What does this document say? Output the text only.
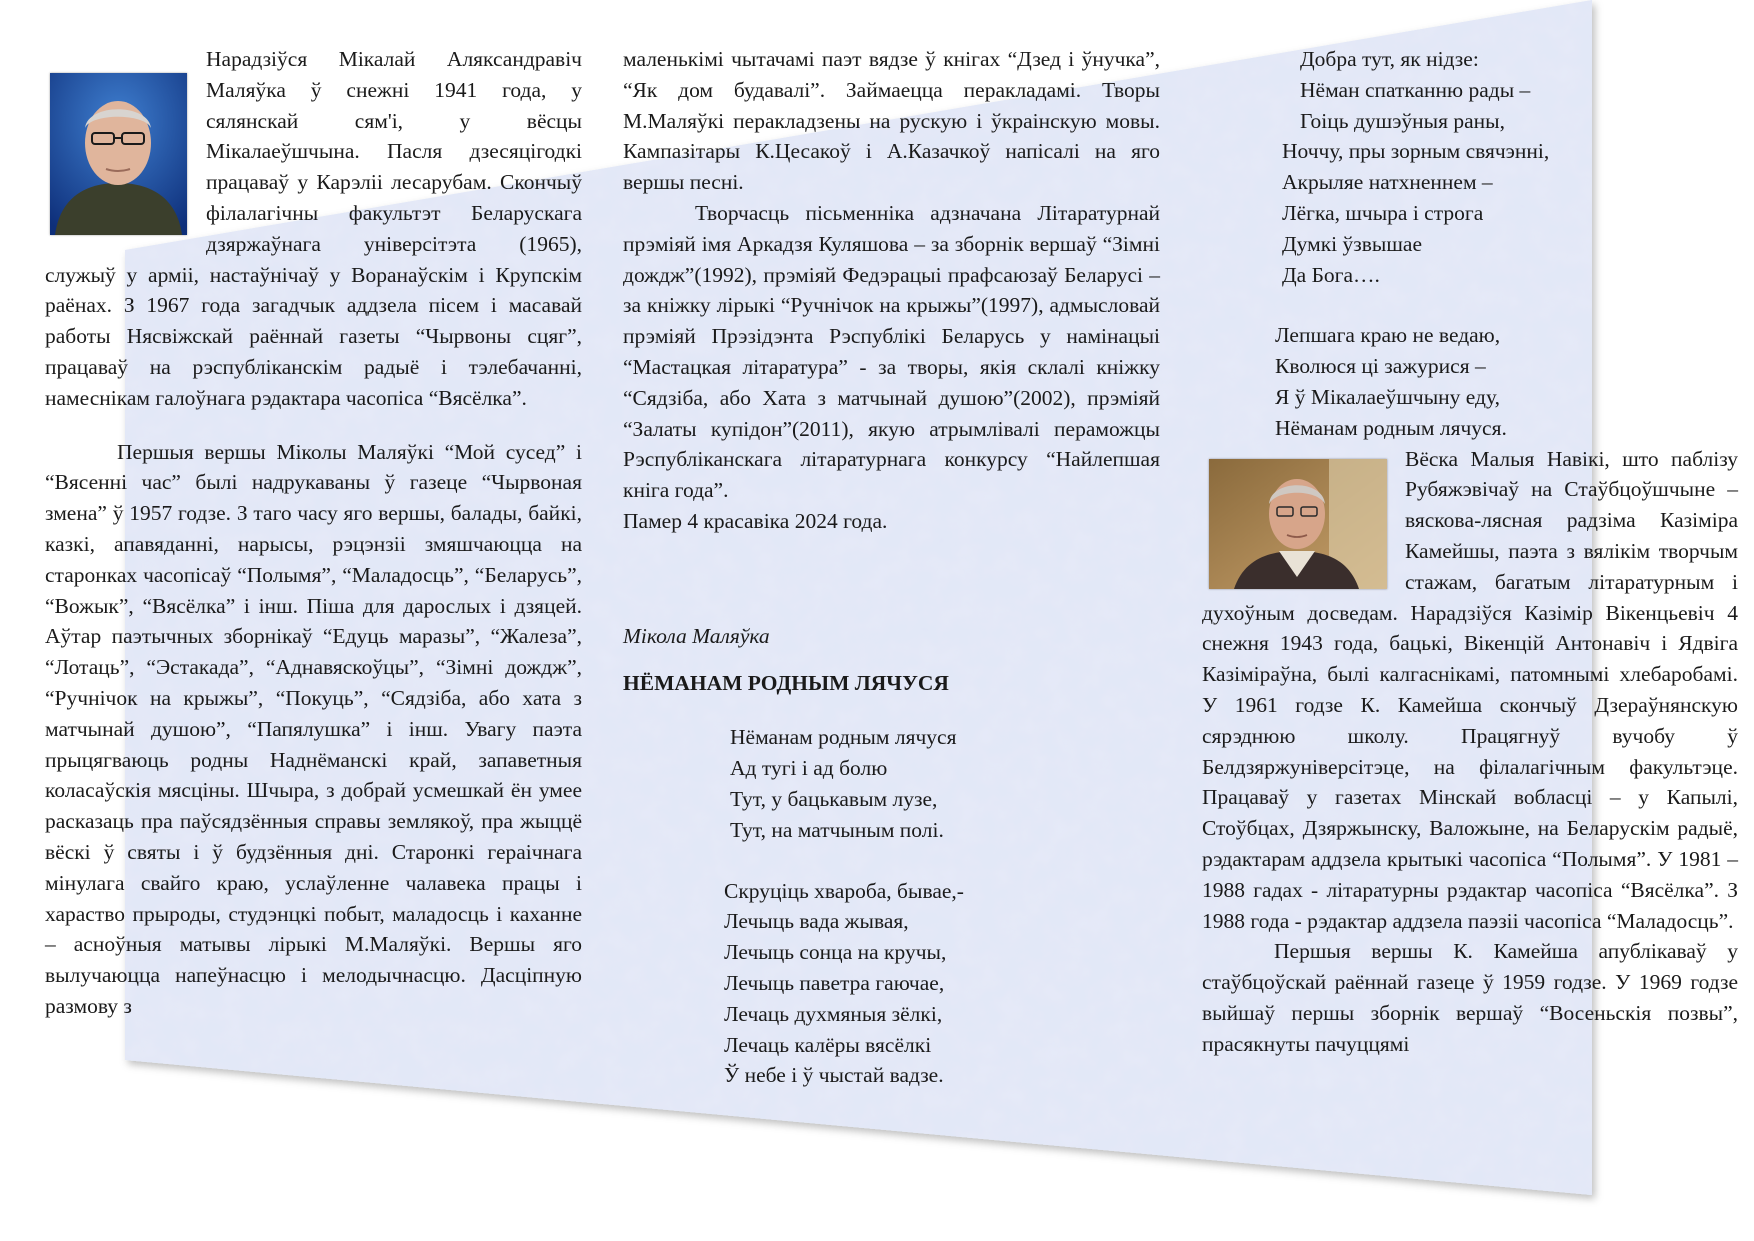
Нарадзіўся Мікалай Аляксандравіч Маляўка ў снежні 1941 года, у сялянскай сям'і, у вёсцы Мікалаеўшчына. Пасля дзесяцігодкі працаваў у Карэліі лесарубам. Скончыў філалагічны факультэт Беларускага дзяржаўнага універсітэта (1965), служыў у арміі, настаўнічаў у Воранаўскім і Крупскім раёнах. З 1967 года загадчык аддзела пісем і масавай работы Нясвіжскай раённай газеты “Чырвоны сцяг”, працаваў на рэспубліканскім радыё і тэлебачанні, намеснікам галоўнага рэдактара часопіса “Вясёлка”.

Першыя вершы Міколы Маляўкі “Мой сусед” і “Вясенні час” былі надрукаваны ў газеце “Чырвоная змена” ў 1957 годзе. З таго часу яго вершы, балады, байкі, казкі, апавяданні, нарысы, рэцэнзіі змяшчаюцца на старонках часопісаў “Полымя”, “Маладосць”, “Беларусь”, “Вожык”, “Вясёлка” і інш. Піша для дарослых і дзяцей. Аўтар паэтычных зборнікаў “Едуць маразы”, “Жалеза”, “Лотаць”, “Эстакада”, “Аднавяскоўцы”, “Зімні дождж”, “Ручнічок на крыжы”, “Покуць”, “Сядзіба, або хата з матчынай душою”, “Папялушка” і інш. Увагу паэта прыцягваюць родны Наднёманскі край, запаветныя коласаўскія мясціны. Шчыра, з добрай усмешкай ён умее расказаць пра паўсядзённыя справы землякоў, пра жыццё вёскі ў святы і ў будзённыя дні. Старонкі гераічнага мінулага свайго краю, услаўленне чалавека працы і хараство прыроды, студэнцкі побыт, маладосць і каханне – асноўныя матывы лірыкі М.Маляўкі. Вершы яго вылучаюцца напеўнасцю і мелодычнасцю. Дасціпную размову з

маленькімі чытачамі паэт вядзе ў кнігах “Дзед і ўнучка”, “Як дом будавалі”. Займаецца перакладамі. Творы М.Маляўкі перакладзены на рускую і ўкраінскую мовы. Кампазітары К.Цесакоў і А.Казачкоў напісалі на яго вершы песні.

Творчасць пісьменніка адзначана Літаратурнай прэміяй імя Аркадзя Куляшова – за зборнік вершаў “Зімні дождж”(1992), прэміяй Федэрацыі прафсаюзаў Беларусі – за кніжку лірыкі “Ручнічок на крыжы”(1997), адмысловай прэміяй Прэзідэнта Рэспублікі Беларусь у намінацыі “Мастацкая літаратура” - за творы, якія склалі кніжку “Сядзіба, або Хата з матчынай душою”(2002), прэміяй “Залаты купідон”(2011), якую атрымлівалі пераможцы Рэспубліканскага літаратурнага конкурсу “Найлепшая кніга года”.

Памер 4 красавіка 2024 года.

Мікола Маляўка

НЁМАНАМ РОДНЫМ ЛЯЧУСЯ

Нёманам родным лячуся
Ад тугі і ад болю
Тут, у бацькавым лузе,
Тут, на матчыным полі.
Скруціць хвароба, бывае,-
Лечыць вада жывая,
Лечыць сонца на кручы,
Лечыць паветра гаючае,
Лечаць духмяныя зёлкі,
Лечаць калёры вясёлкі
Ў небе і ў чыстай вадзе.
Добра тут, як нідзе:
Нёман спатканню рады –
Гоіць душэўныя раны,
Ноччу, пры зорным свячэнні,
Акрыляе натхненнем –
Лёгка, шчыра і строга
Думкі ўзвышае
Да Бога….
Лепшага краю не ведаю,
Кволюся ці зажурися –
Я ў Мікалаеўшчыну еду,
Нёманам родным лячуся.

Вёска Малыя Навікі, што паблізу Рубяжэвічаў на Стаўбцоўшчыне – вясковa-лясная радзіма Казіміра Камейшы, паэта з вялікім творчым стажам, багатым літаратурным і духоўным досведам. Нарадзіўся Казімір Вікенцьевіч 4 снежня 1943 года, бацькі, Вікенцій Антонавіч і Ядвіга Казіміраўна, былі калгаснікамі, патомнымі хлебаробамі. У 1961 годзе К. Камейша скончыў Дзераўнянскую сярэднюю школу. Працягнуў вучобу ў Белдзяржуніверсітэце, на філалагічным факультэце. Працаваў у газетах Мінскай вобласці – у Капылі, Стоўбцах, Дзяржынску, Валожыне, на Беларускім радыё, рэдактарам аддзела крытыкі часопіса “Полымя”. У 1981 – 1988 гадах - літаратурны рэдактар часопіса “Вясёлка”. З 1988 года - рэдактар аддзела паэзіі часопіса “Маладосць”.

Першыя вершы К. Камейша апублікаваў у стаўбцоўскай раённай газеце ў 1959 годзе. У 1969 годзе выйшаў першы зборнік вершаў “Восеньскія позвы”, прасякнуты пачуццямі
